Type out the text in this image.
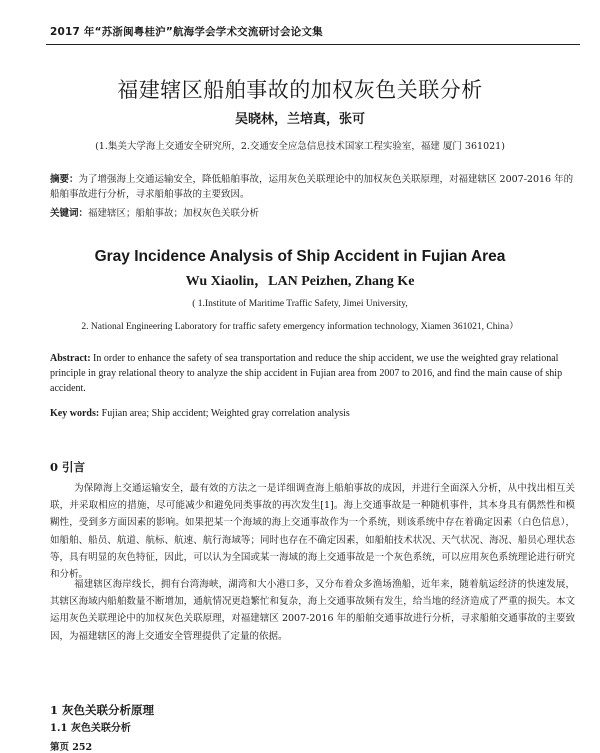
2017 年“苏浙闽粤桂沪”航海学会学术交流研讨会论文集
福建辖区船舶事故的加权灰色关联分析
吴晓林，兰培真，张可
(1.集美大学海上交通安全研究所，2.交通安全应急信息技术国家工程实验室，福建 厦门 361021)
摘要：为了增强海上交通运输安全，降低船舶事故，运用灰色关联理论中的加权灰色关联原理，对福建辖区 2007-2016 年的船舶事故进行分析，寻求船舶事故的主要致因。
关键词：福建辖区；船舶事故；加权灰色关联分析
Gray Incidence Analysis of Ship Accident in Fujian Area
Wu Xiaolin，LAN Peizhen, Zhang Ke
( 1.Institute of Maritime Traffic Safety, Jimei University,
2. National Engineering Laboratory for traffic safety emergency information technology, Xiamen 361021, China）
Abstract: In order to enhance the safety of sea transportation and reduce the ship accident, we use the weighted gray relational principle in gray relational theory to analyze the ship accident in Fujian area from 2007 to 2016, and find the main cause of ship accident.
Key words: Fujian area; Ship accident; Weighted gray correlation analysis
0 引言
为保障海上交通运输安全，最有效的方法之一是详细调查海上船舶事故的成因，并进行全面深入分析，从中找出相互关联，并采取相应的措施，尽可能减少和避免同类事故的再次发生[1]。海上交通事故是一种随机事件，其本身具有偶然性和模糊性，受到多方面因素的影响。如果把某一个海域的海上交通事故作为一个系统，则该系统中存在着确定因素（白色信息），如船舶、船员、航道、航标、航速、航行海域等；同时也存在不确定因素，如船舶技术状况、天气状况、海况、船员心理状态等，具有明显的灰色特征，因此，可以认为全国或某一海域的海上交通事故是一个灰色系统，可以应用灰色系统理论进行研究和分析。
福建辖区海岸线长，拥有台湾海峡，湖湾和大小港口多，又分布着众多渔场渔船，近年来，随着航运经济的快速发展，其辖区海域内船舶数量不断增加，通航情况更趋繁忙和复杂，海上交通事故频有发生，给当地的经济造成了严重的损失。本文运用灰色关联理论中的加权灰色关联原理，对福建辖区 2007-2016 年的船舶交通事故进行分析，寻求船舶交通事故的主要致因，为福建辖区的海上交通安全管理提供了定量的依据。
1 灰色关联分析原理
1.1 灰色关联分析
第页 252
